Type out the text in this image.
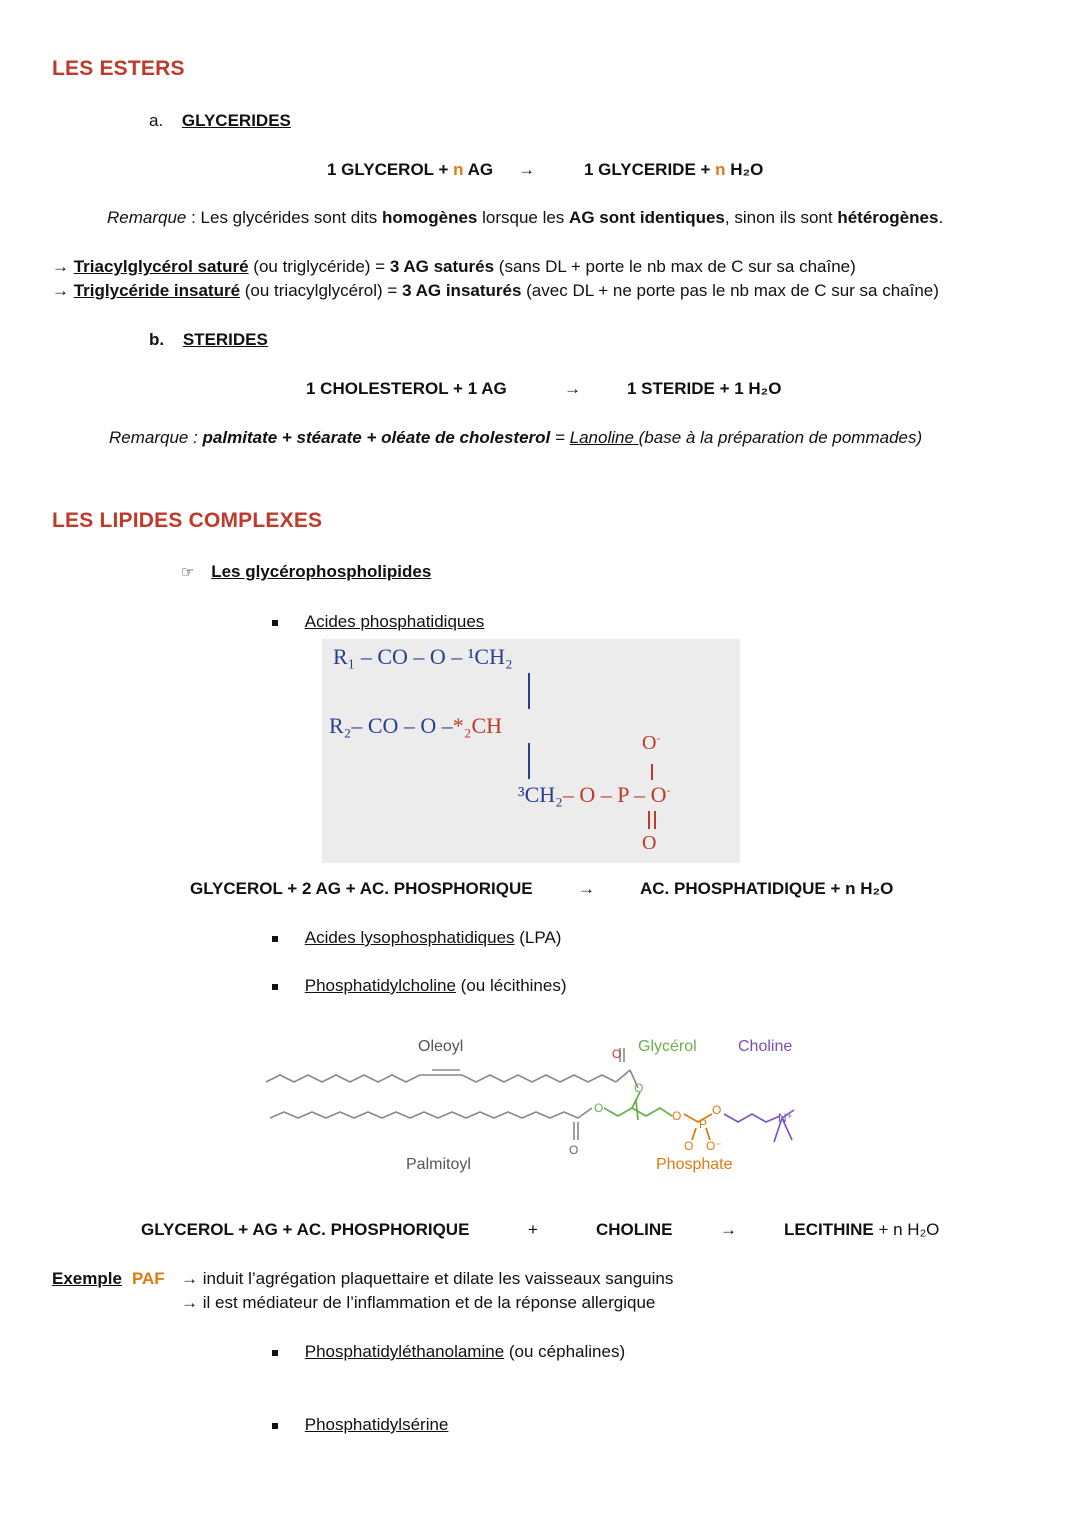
LES ESTERS
a. GLYCERIDES
1 GLYCEROL + n AG →	1 GLYCERIDE + n H₂O
Remarque : Les glycérides sont dits homogènes lorsque les AG sont identiques, sinon ils sont hétérogènes.
→ Triacylglycérol saturé (ou triglycéride) = 3 AG saturés (sans DL + porte le nb max de C sur sa chaîne)
→ Triglycéride insaturé (ou triacylglycérol) = 3 AG insaturés (avec DL + ne porte pas le nb max de C sur sa chaîne)
b. STERIDES
1 CHOLESTEROL + 1 AG	→	1 STERIDE + 1 H₂O
Remarque : palmitate + stéarate + oléate de cholesterol = Lanoline (base à la préparation de pommades)
LES LIPIDES COMPLEXES
☞ Les glycérophospholipides
Acides phosphatidiques
R₁ – CO – O – ¹CH₂
R₂– CO – O –*₂CH
O-
³CH₂– O – P – O-
O
GLYCEROL + 2 AG + AC. PHOSPHORIQUE	→	AC. PHOSPHATIDIQUE + n H₂O
Acides lysophosphatidiques (LPA)
Phosphatidylcholine (ou lécithines)
O
O
O
O
O
P
O O⁻
O
N⁺
Oleoyl
Palmitoyl
Glycérol	Choline
Phosphate
GLYCEROL + AG + AC. PHOSPHORIQUE	+	CHOLINE	→	LECITHINE + n H₂O
Exemple PAF → induit l’agrégation plaquettaire et dilate les vaisseaux sanguins
→ il est médiateur de l’inflammation et de la réponse allergique
Phosphatidyléthanolamine (ou céphalines)
Phosphatidylsérine
